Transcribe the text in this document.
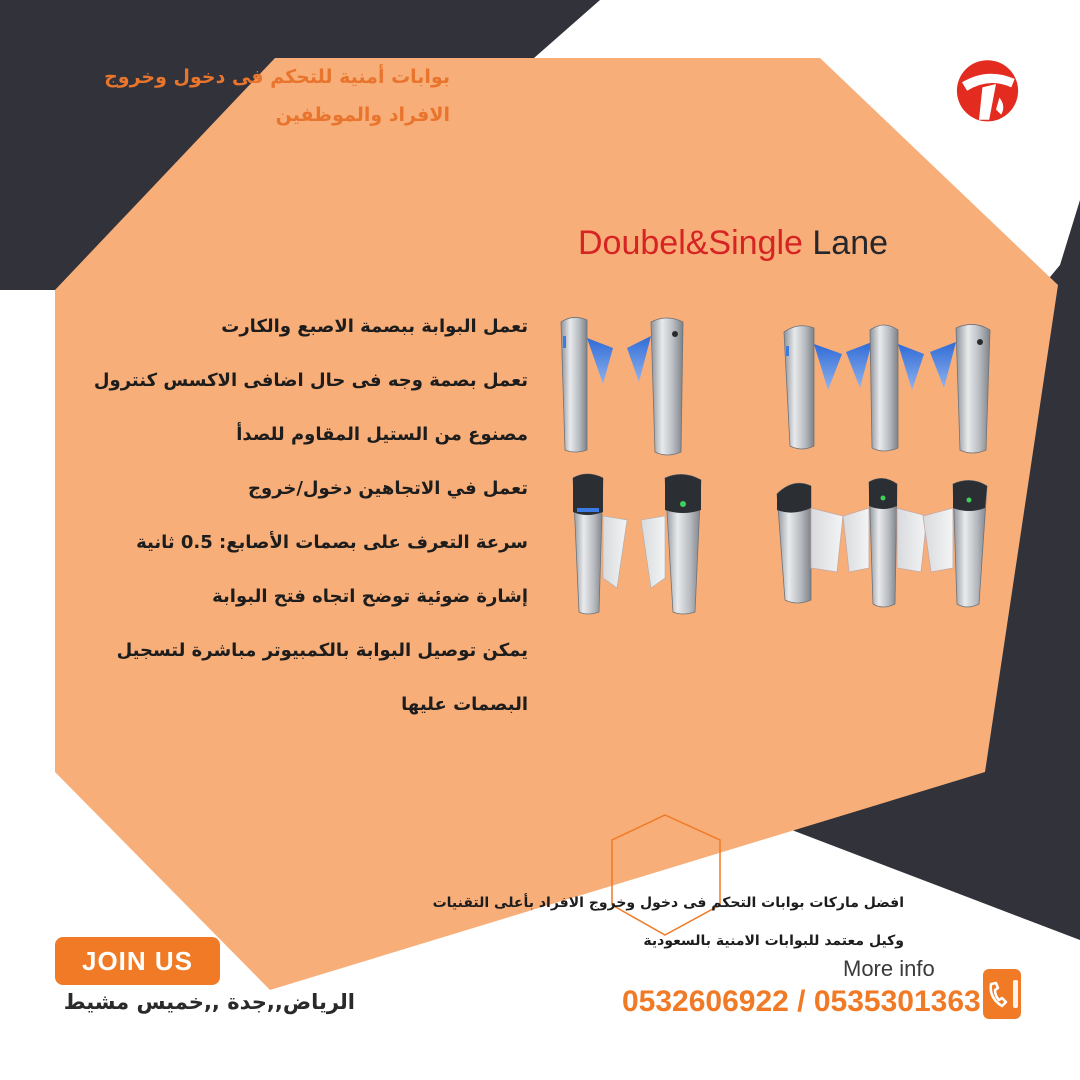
بوابات أمنية للتحكم فى دخول وخروج الافراد والموظفين
Doubel&Single Lane
تعمل البوابة ببصمة الاصبع والكارت
تعمل بصمة وجه فى حال اضافى الاكسس كنترول
مصنوع من الستيل المقاوم للصدأ
تعمل في الاتجاهين دخول/خروج
سرعة التعرف على بصمات الأصابع: 0.5 ثانية
إشارة ضوئية توضح اتجاه فتح البوابة
يمكن توصيل البوابة بالكمبيوتر مباشرة لتسجيل
البصمات عليها
افضل ماركات بوابات التحكم فى دخول وخروج الافراد بأعلى التقنيات
وكيل معتمد للبوابات الامنية بالسعودية
JOIN US
الرياض,,جدة ,,خميس مشيط
More info
0532606922 / 0535301363
